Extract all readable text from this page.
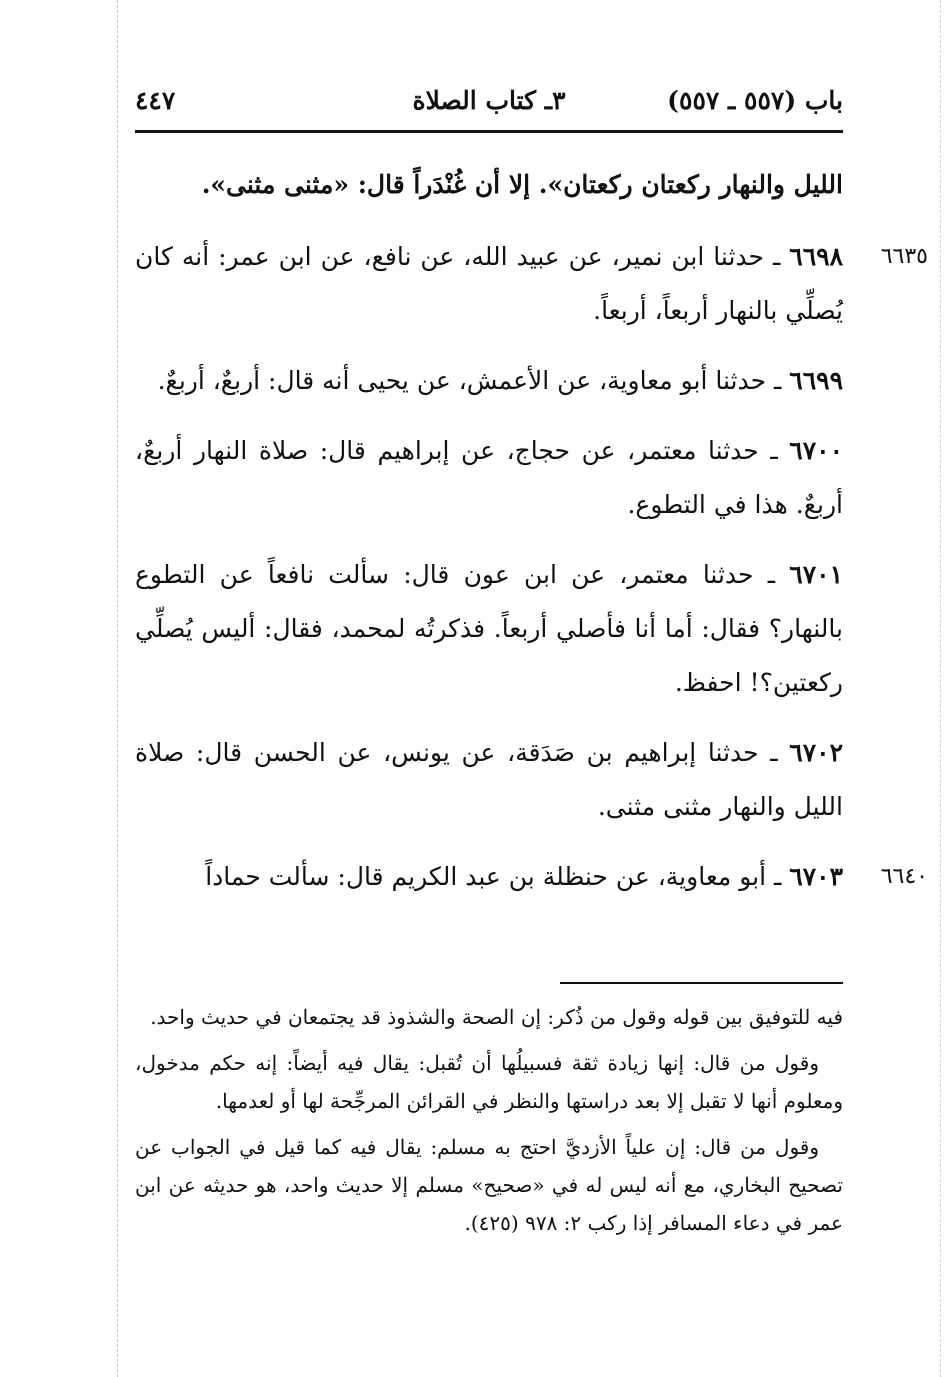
باب (٥٥٧ ـ ٥٥٧)
٣ـ كتاب الصلاة
٤٤٧

الليل والنهار ركعتان ركعتان». إلا أن غُنْدَراً قال: «مثنى مثنى».

٦٦٣٥
٦٦٩٨ ـ حدثنا ابن نمير، عن عبيد الله، عن نافع، عن ابن عمر: أنه كان يُصلِّي بالنهار أربعاً، أربعاً.

٦٦٩٩ ـ حدثنا أبو معاوية، عن الأعمش، عن يحيى أنه قال: أربعٌ، أربعٌ.

٦٧٠٠ ـ حدثنا معتمر، عن حجاج، عن إبراهيم قال: صلاة النهار أربعٌ، أربعٌ. هذا في التطوع.

٦٧٠١ ـ حدثنا معتمر، عن ابن عون قال: سألت نافعاً عن التطوع بالنهار؟ فقال: أما أنا فأصلي أربعاً. فذكرتُه لمحمد، فقال: أليس يُصلِّي ركعتين؟! احفظ.

٦٧٠٢ ـ حدثنا إبراهيم بن صَدَقة، عن يونس، عن الحسن قال: صلاة الليل والنهار مثنى مثنى.

٦٦٤٠
٦٧٠٣ ـ أبو معاوية، عن حنظلة بن عبد الكريم قال: سألت حماداً

فيه للتوفيق بين قوله وقول من ذُكر: إن الصحة والشذوذ قد يجتمعان في حديث واحد.

وقول من قال: إنها زيادة ثقة فسبيلُها أن تُقبل: يقال فيه أيضاً: إنه حكم مدخول، ومعلوم أنها لا تقبل إلا بعد دراستها والنظر في القرائن المرجِّحة لها أو لعدمها.

وقول من قال: إن علياً الأزديَّ احتج به مسلم: يقال فيه كما قيل في الجواب عن تصحيح البخاري، مع أنه ليس له في «صحيح» مسلم إلا حديث واحد، هو حديثه عن ابن عمر في دعاء المسافر إذا ركب ٢: ٩٧٨ (٤٢٥).
